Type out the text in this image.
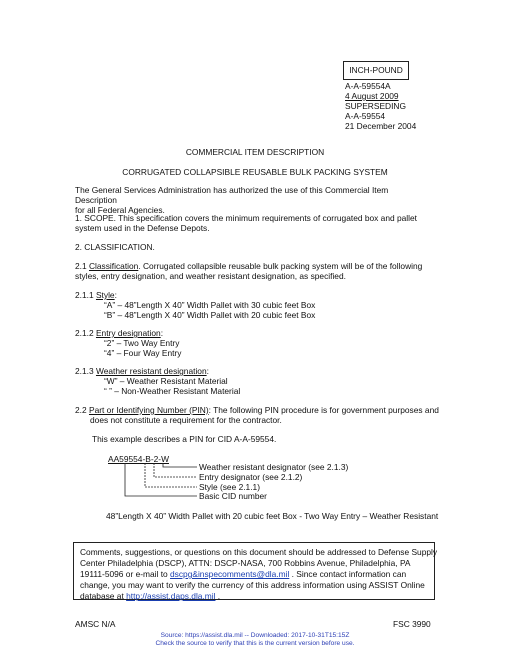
INCH-POUND
A-A-59554A
4 August 2009
SUPERSEDING
A-A-59554
21 December 2004
COMMERCIAL ITEM DESCRIPTION
CORRUGATED COLLAPSIBLE REUSABLE BULK PACKING SYSTEM
The General Services Administration has authorized the use of this Commercial Item Description
for all Federal Agencies.
1. SCOPE. This specification covers the minimum requirements of corrugated box and pallet
system used in the Defense Depots.
2. CLASSIFICATION.
2.1 Classification. Corrugated collapsible reusable bulk packing system will be of the following
styles, entry designation, and weather resistant designation, as specified.
2.1.1 Style:
“A” – 48”Length X 40” Width Pallet with 30 cubic feet Box
“B” – 48”Length X 40” Width Pallet with 20 cubic feet Box
2.1.2 Entry designation:
“2” – Two Way Entry
“4” – Four Way Entry
2.1.3 Weather resistant designation:
“W” – Weather Resistant Material
“ ” – Non-Weather Resistant Material
2.2 Part or Identifying Number (PIN): The following PIN procedure is for government purposes and
does not constitute a requirement for the contractor.
This example describes a PIN for CID A-A-59554.
AA59554-B-2-W
Weather resistant designator (see 2.1.3)
Entry designator (see 2.1.2)
Style (see 2.1.1)
Basic CID number
48”Length X 40” Width Pallet with 20 cubic feet Box - Two Way Entry – Weather Resistant
Comments, suggestions, or questions on this document should be addressed to Defense Supply
Center Philadelphia (DSCP), ATTN: DSCP-NASA, 700 Robbins Avenue, Philadelphia, PA
19111-5096 or e-mail to dscpg&inspecomments@dla.mil . Since contact information can
change, you may want to verify the currency of this address information using ASSIST Online
database at http://assist.daps.dla.mil .
AMSC N/A	FSC 3990
Source: https://assist.dla.mil -- Downloaded: 2017-10-31T15:15Z
Check the source to verify that this is the current version before use.
